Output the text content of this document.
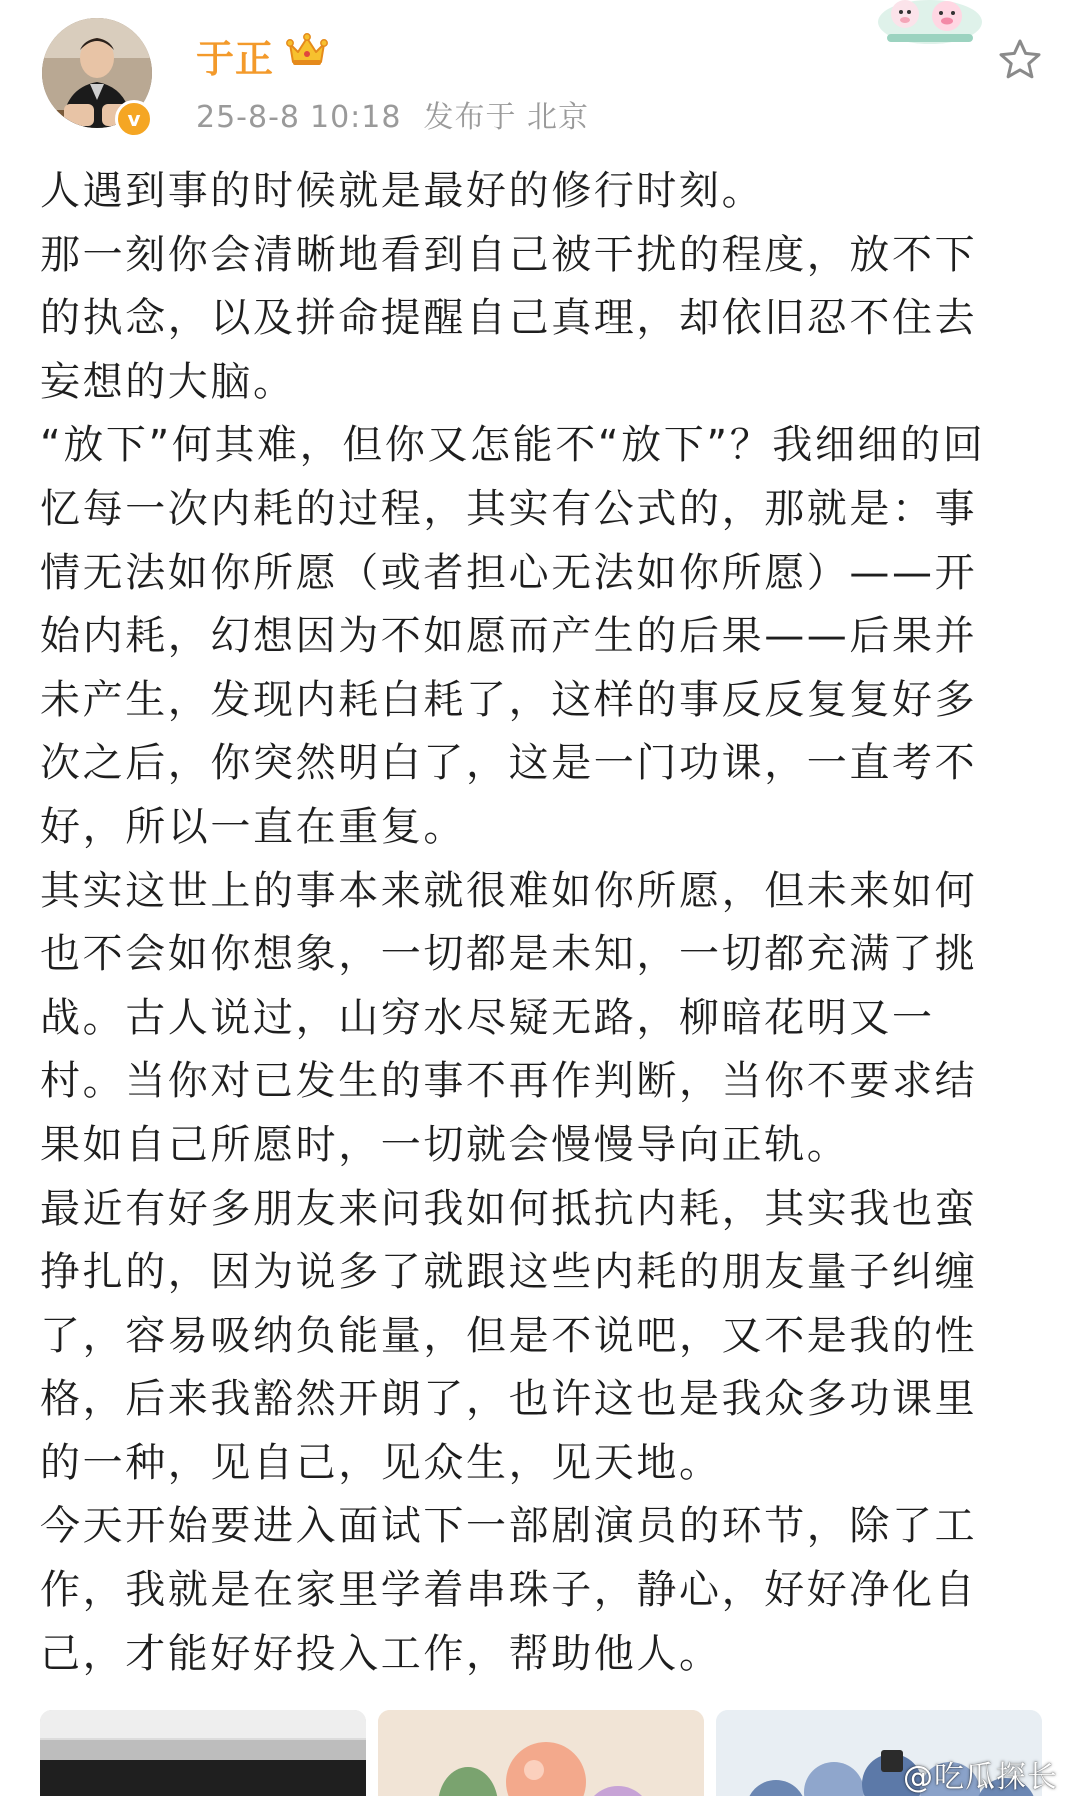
v
于正
25-8-8 10:18 发布于 北京
人遇到事的时候就是最好的修行时刻。
那一刻你会清晰地看到自己被干扰的程度，放不下
的执念，以及拼命提醒自己真理，却依旧忍不住去
妄想的大脑。
“放下”何其难，但你又怎能不“放下”？我细细的回
忆每一次内耗的过程，其实有公式的，那就是：事
情无法如你所愿（或者担心无法如你所愿）——开
始内耗，幻想因为不如愿而产生的后果——后果并
未产生，发现内耗白耗了，这样的事反反复复好多
次之后，你突然明白了，这是一门功课，一直考不
好，所以一直在重复。
其实这世上的事本来就很难如你所愿，但未来如何
也不会如你想象，一切都是未知，一切都充满了挑
战。古人说过，山穷水尽疑无路，柳暗花明又一
村。当你对已发生的事不再作判断，当你不要求结
果如自己所愿时，一切就会慢慢导向正轨。
最近有好多朋友来问我如何抵抗内耗，其实我也蛮
挣扎的，因为说多了就跟这些内耗的朋友量子纠缠
了，容易吸纳负能量，但是不说吧，又不是我的性
格，后来我豁然开朗了，也许这也是我众多功课里
的一种，见自己，见众生，见天地。
今天开始要进入面试下一部剧演员的环节，除了工
作，我就是在家里学着串珠子，静心，好好净化自
己，才能好好投入工作，帮助他人。
@吃瓜探长
